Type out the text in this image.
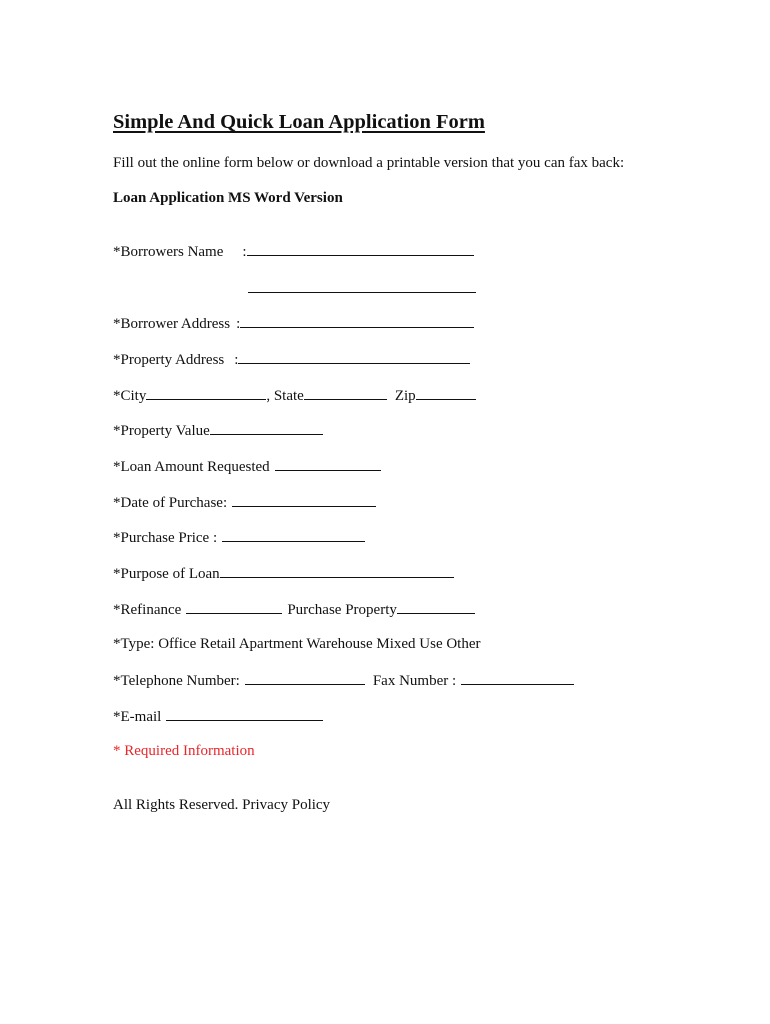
Simple And Quick Loan Application Form
Fill out the online form below or download a printable version that you can fax back:
Loan Application MS Word Version
*Borrowers Name :
*Borrower Address :
*Property Address :
*City	, State	Zip
*Property Value
*Loan Amount Requested
*Date of Purchase:
*Purchase Price :
*Purpose of Loan
*Refinance	Purchase Property
*Type: Office Retail Apartment Warehouse Mixed Use Other
*Telephone Number:	Fax Number :
*E-mail
* Required Information
All Rights Reserved. Privacy Policy
